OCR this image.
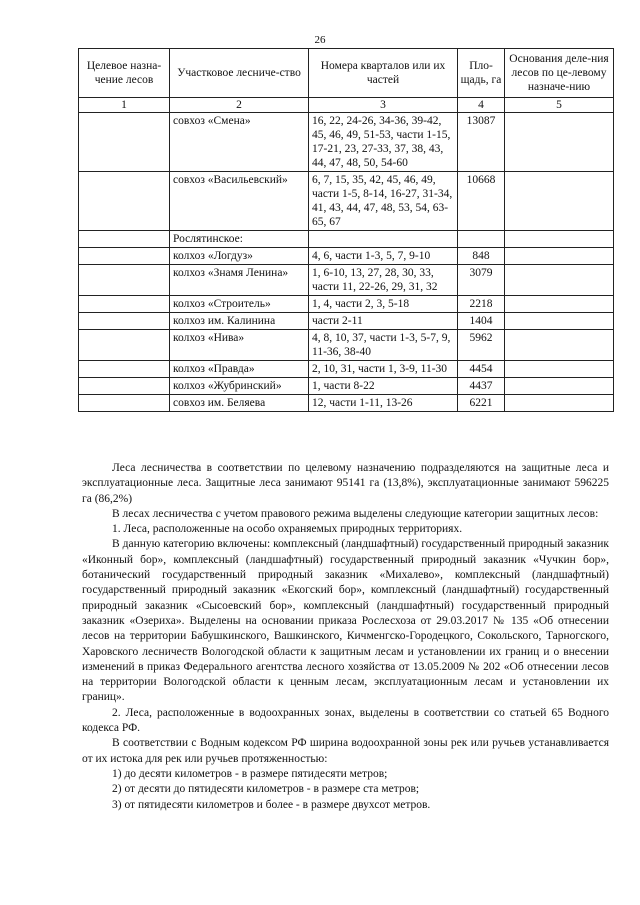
26
Целевое назна-чение лесов	Участковое лесниче-ство	Номера кварталов или их частей	Пло-щадь, га	Основания деле-ния лесов по це-левому назначе-нию
1	2	3	4	5
	совхоз «Смена»	16, 22, 24-26, 34-36, 39-42, 45, 46, 49, 51-53, части 1-15, 17-21, 23, 27-33, 37, 38, 43, 44, 47, 48, 50, 54-60	13087	
	совхоз «Васильевский»	6, 7, 15, 35, 42, 45, 46, 49, части 1-5, 8-14, 16-27, 31-34, 41, 43, 44, 47, 48, 53, 54, 63-65, 67	10668	
	Рослятинское:			
	колхоз «Логдуз»	4, 6, части 1-3, 5, 7, 9-10	848	
	колхоз «Знамя Ленина»	1, 6-10, 13, 27, 28, 30, 33, части 11, 22-26, 29, 31, 32	3079	
	колхоз «Строитель»	1, 4, части 2, 3, 5-18	2218	
	колхоз им. Калинина	части 2-11	1404	
	колхоз «Нива»	4, 8, 10, 37, части 1-3, 5-7, 9, 11-36, 38-40	5962	
	колхоз «Правда»	2, 10, 31, части 1, 3-9, 11-30	4454	
	колхоз «Жубринский»	1, части 8-22	4437	
	совхоз им. Беляева	12, части 1-11, 13-26	6221	

Леса лесничества в соответствии по целевому назначению подразделяются на защитные леса и эксплуатационные леса. Защитные леса занимают 95141 га (13,8%), эксплуатационные занимают 596225 га (86,2%)

В лесах лесничества с учетом правового режима выделены следующие категории защитных лесов:

1. Леса, расположенные на особо охраняемых природных территориях.

В данную категорию включены: комплексный (ландшафтный) государственный природный заказник «Иконный бор», комплексный (ландшафтный) государственный природный заказник «Чучкин бор», ботанический государственный природный заказник «Михалево», комплексный (ландшафтный) государственный природный заказник «Екогский бор», комплексный (ландшафтный) государственный природный заказник «Сысоевский бор», комплексный (ландшафтный) государственный природный заказник «Озериха». Выделены на основании приказа Рослесхоза от 29.03.2017 № 135 «Об отнесении лесов на территории Бабушкинского, Вашкинского, Кичменгско-Городецкого, Сокольского, Тарногского, Харовского лесничеств Вологодской области к защитным лесам и установлении их границ и о внесении изменений в приказ Федерального агентства лесного хозяйства от 13.05.2009 № 202 «Об отнесении лесов на территории Вологодской области к ценным лесам, эксплуатационным лесам и установлении их границ».

2. Леса, расположенные в водоохранных зонах, выделены в соответствии со статьей 65 Водного кодекса РФ.

В соответствии с Водным кодексом РФ ширина водоохранной зоны рек или ручьев устанавливается от их истока для рек или ручьев протяженностью:

1) до десяти километров - в размере пятидесяти метров;

2) от десяти до пятидесяти километров - в размере ста метров;

3) от пятидесяти километров и более - в размере двухсот метров.
